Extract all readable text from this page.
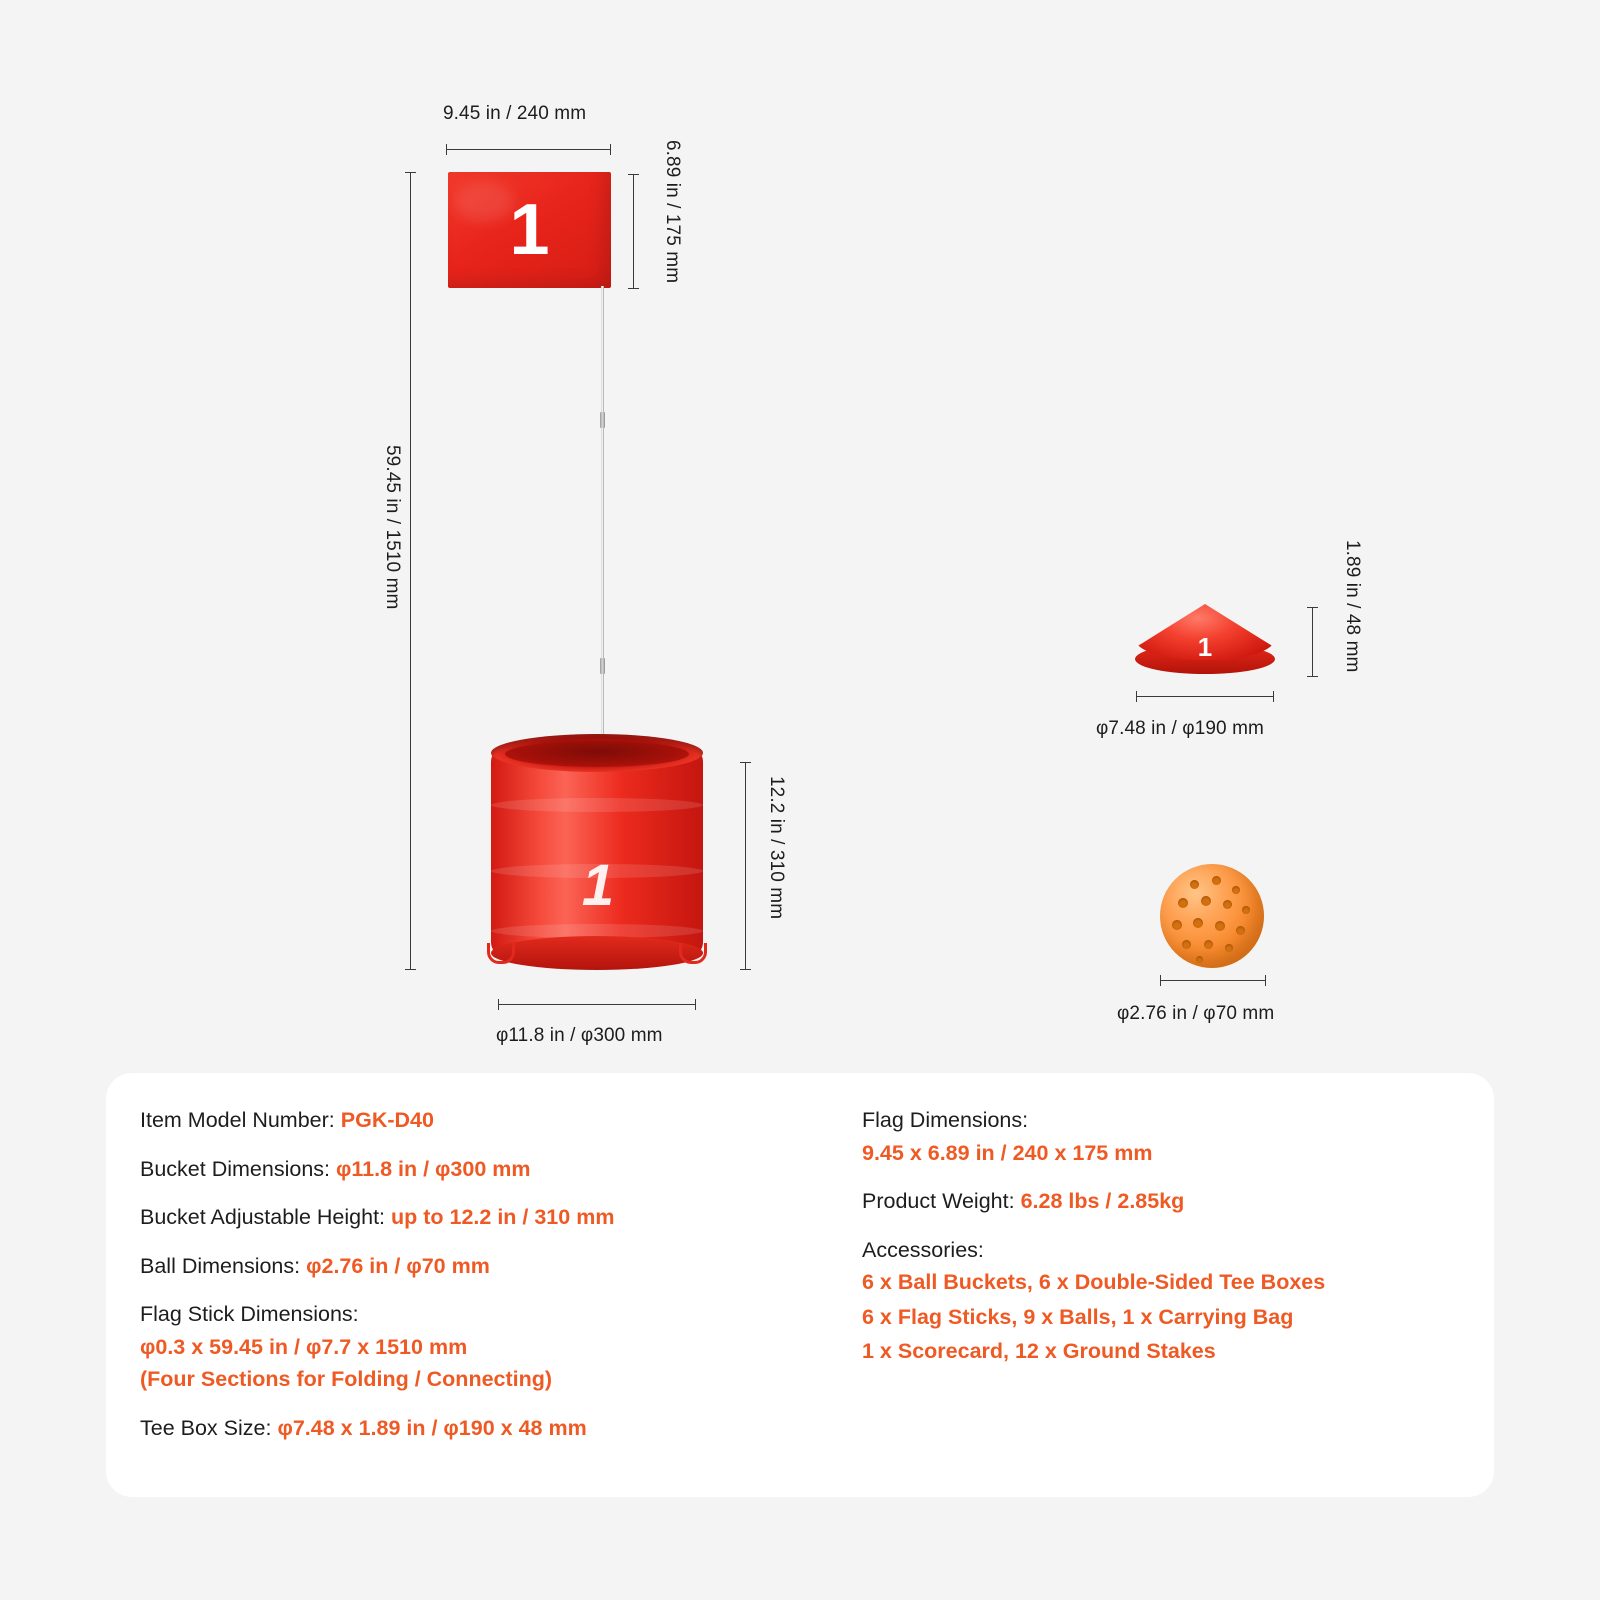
9.45 in / 240 mm
6.89 in / 175 mm
59.45 in / 1510 mm
1
1	12.2 in / 310 mm
φ11.8 in / φ300 mm
1	1.89 in / 48 mm
φ7.48 in / φ190 mm
φ2.76 in / φ70 mm

Item Model Number: PGK-D40

Bucket Dimensions: φ11.8 in / φ300 mm

Bucket Adjustable Height: up to 12.2 in / 310 mm

Ball Dimensions: φ2.76 in / φ70 mm

Flag Stick Dimensions:

φ0.3 x 59.45 in / φ7.7 x 1510 mm

(Four Sections for Folding / Connecting)

Tee Box Size: φ7.48 x 1.89 in / φ190 x 48 mm

Flag Dimensions:

9.45 x 6.89 in / 240 x 175 mm

Product Weight: 6.28 lbs / 2.85kg

Accessories:

6 x Ball Buckets, 6 x Double-Sided Tee Boxes

6 x Flag Sticks, 9 x Balls, 1 x Carrying Bag

1 x Scorecard, 12 x Ground Stakes
